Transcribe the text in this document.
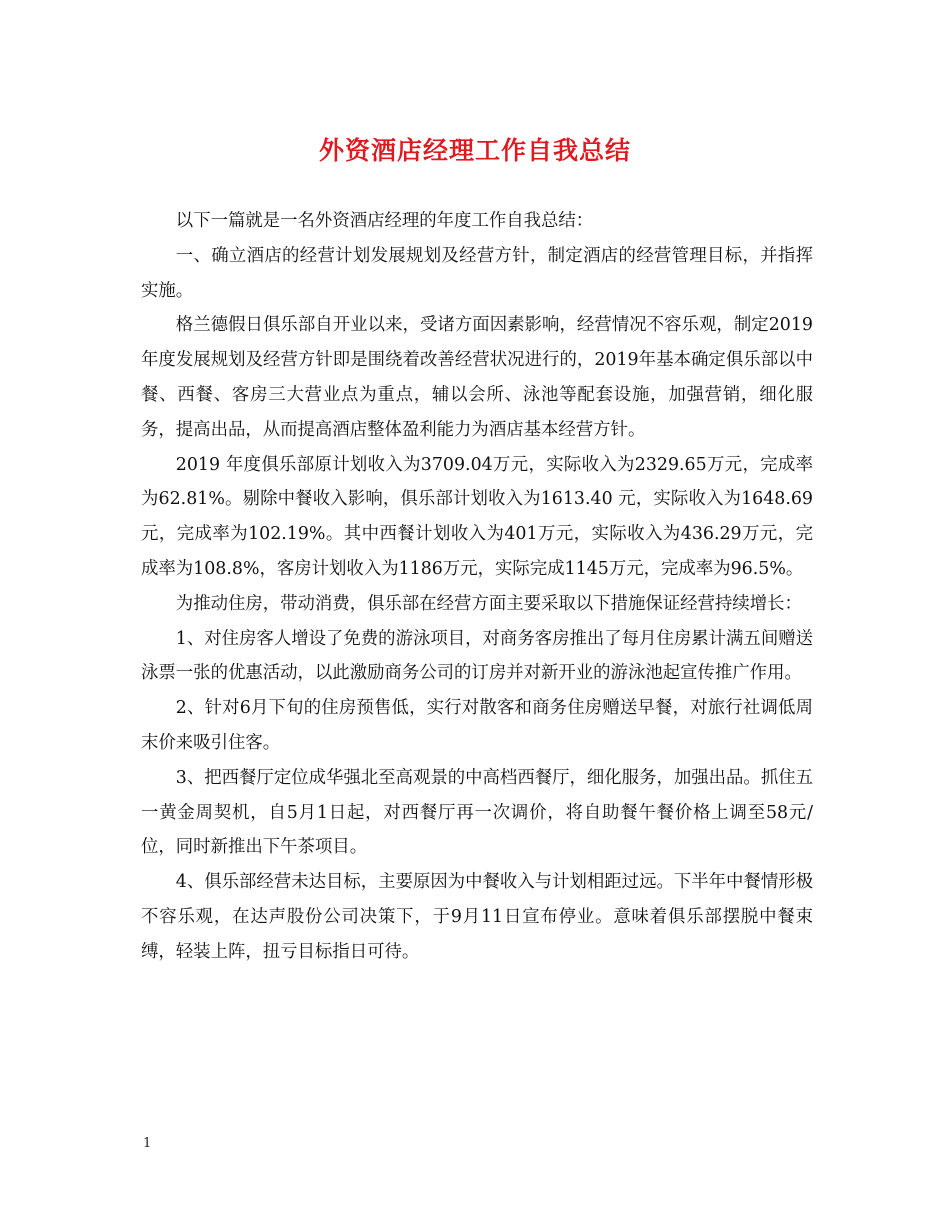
外资酒店经理工作自我总结

以下一篇就是一名外资酒店经理的年度工作自我总结：

一、确立酒店的经营计划发展规划及经营方针，制定酒店的经营管理目标，并指挥实施。

格兰德假日俱乐部自开业以来，受诸方面因素影响，经营情况不容乐观，制定2019年度发展规划及经营方针即是围绕着改善经营状况进行的，2019年基本确定俱乐部以中餐、西餐、客房三大营业点为重点，辅以会所、泳池等配套设施，加强营销，细化服务，提高出品，从而提高酒店整体盈利能力为酒店基本经营方针。

2019 年度俱乐部原计划收入为3709.04万元，实际收入为2329.65万元，完成率为62.81%。剔除中餐收入影响，俱乐部计划收入为1613.40 元，实际收入为1648.69元，完成率为102.19%。其中西餐计划收入为401万元，实际收入为436.29万元，完成率为108.8%，客房计划收入为1186万元，实际完成1145万元，完成率为96.5%。

为推动住房，带动消费，俱乐部在经营方面主要采取以下措施保证经营持续增长：

1、对住房客人增设了免费的游泳项目，对商务客房推出了每月住房累计满五间赠送泳票一张的优惠活动，以此激励商务公司的订房并对新开业的游泳池起宣传推广作用。

2、针对6月下旬的住房预售低，实行对散客和商务住房赠送早餐，对旅行社调低周末价来吸引住客。

3、把西餐厅定位成华强北至高观景的中高档西餐厅，细化服务，加强出品。抓住五一黄金周契机，自5月1日起，对西餐厅再一次调价，将自助餐午餐价格上调至58元/位，同时新推出下午茶项目。

4、俱乐部经营未达目标，主要原因为中餐收入与计划相距过远。下半年中餐情形极不容乐观，在达声股份公司决策下，于9月11日宣布停业。意味着俱乐部摆脱中餐束缚，轻装上阵，扭亏目标指日可待。

1
